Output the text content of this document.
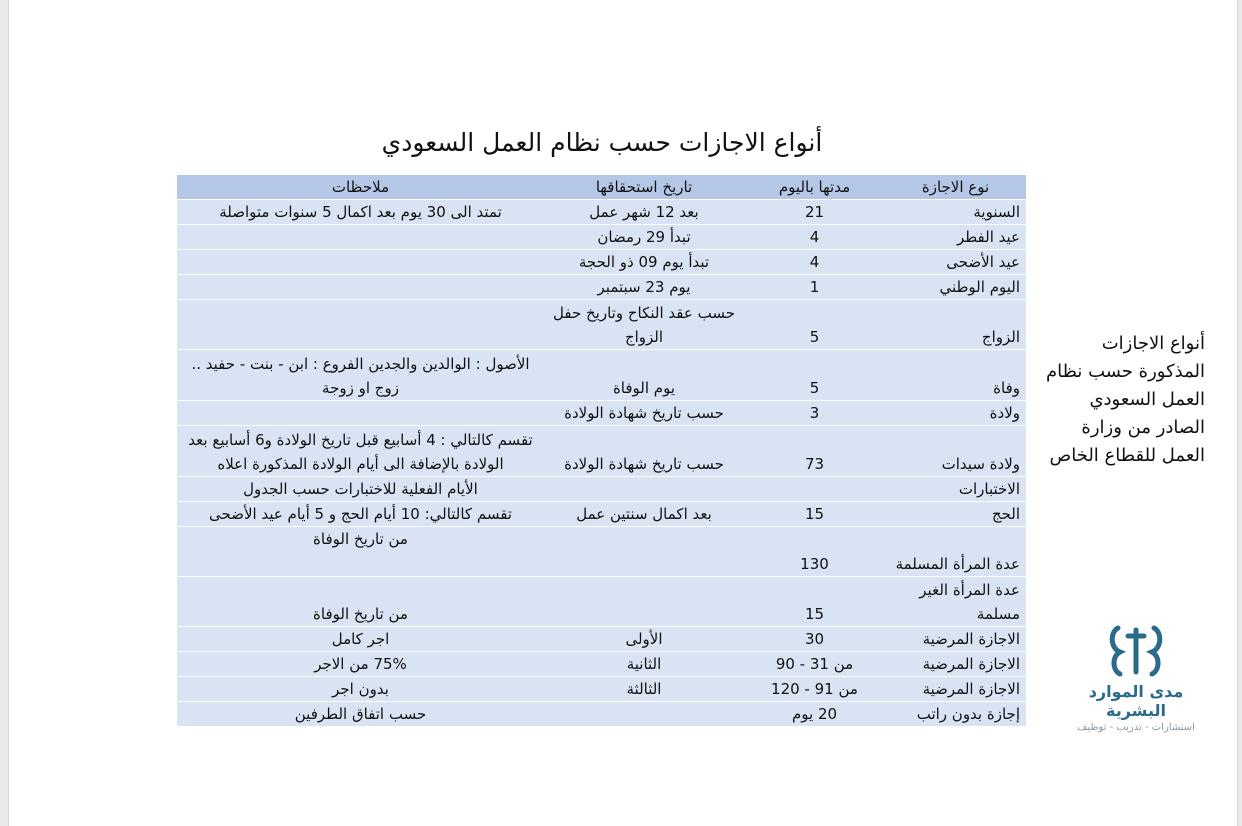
أنواع الاجازات حسب نظام العمل السعودي
نوع الاجازة	مدتها باليوم	تاريخ استحقاقها	ملاحظات
السنوية	21	بعد 12 شهر عمل	تمتد الى 30 يوم بعد اكمال 5 سنوات متواصلة
عيد الفطر	4	تبدأ 29 رمضان	
عيد الأضحى	4	تبدأ يوم 09 ذو الحجة	
اليوم الوطني	1	يوم 23 سبتمبر	
الزواج	5	حسب عقد النكاح وتاريخ حفل الزواج	
وفاة	5	يوم الوفاة	الأصول : الوالدين والجدين الفروع : ابن - بنت - حفيد .. زوج او زوجة
ولادة	3	حسب تاريخ شهادة الولادة	
ولادة سيدات	73	حسب تاريخ شهادة الولادة	تقسم كالتالي : 4 أسابيع قبل تاريخ الولادة و6 أسابيع بعد الولادة بالإضافة الى أيام الولادة المذكورة اعلاه
الاختبارات			الأيام الفعلية للاختبارات حسب الجدول
الحج	15	بعد اكمال سنتين عمل	تقسم كالتالي: 10 أيام الحج و 5 أيام عيد الأضحى
عدة المرأة المسلمة	130		من تاريخ الوفاة
عدة المرأة الغير مسلمة	15		من تاريخ الوفاة
الاجازة المرضية	30	الأولى	اجر كامل
الاجازة المرضية	من 31 - 90	الثانية	75% من الاجر
الاجازة المرضية	من 91 - 120	الثالثة	بدون اجر
إجازة بدون راتب	20 يوم		حسب اتفاق الطرفين
أنواع الاجازات المذكورة حسب نظام العمل السعودي الصادر من وزارة العمل للقطاع الخاص
مدى الموارد البشرية
استشارات - تدريب - توظيف
